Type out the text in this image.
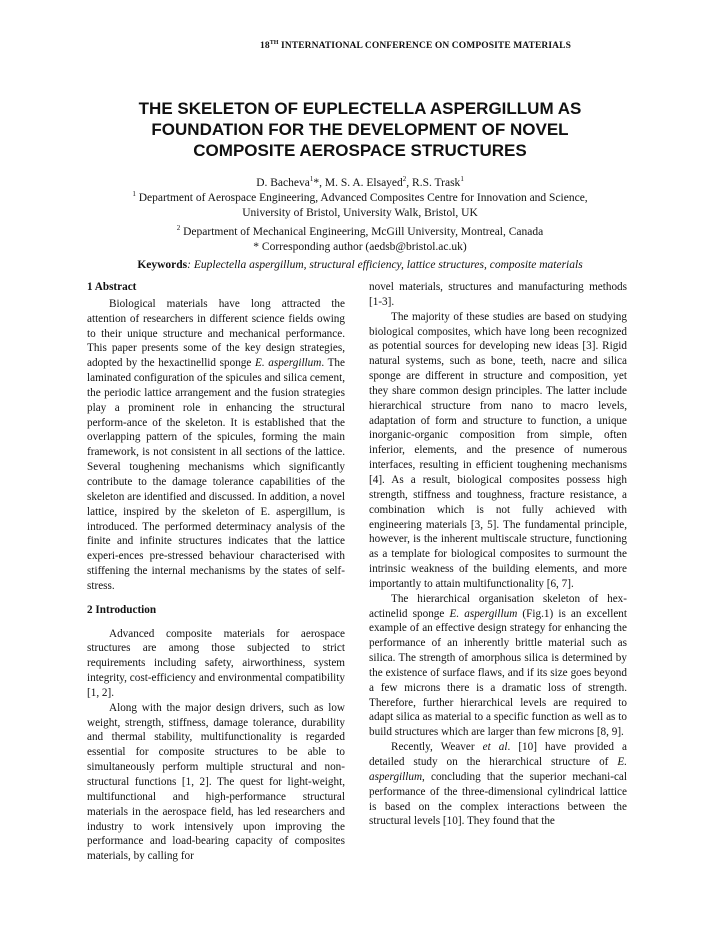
18TH INTERNATIONAL CONFERENCE ON COMPOSITE MATERIALS
THE SKELETON OF EUPLECTELLA ASPERGILLUM AS
FOUNDATION FOR THE DEVELOPMENT OF NOVEL
COMPOSITE AEROSPACE STRUCTURES
D. Bacheva$^1$*, M. S. A. Elsayed$^2$, R.S. Trask$^1$
$^1$ Department of Aerospace Engineering, Advanced Composites Centre for Innovation and Science,
University of Bristol, University Walk, Bristol, UK
$^2$ Department of Mechanical Engineering, McGill University, Montreal, Canada
* Corresponding author (aedsb@bristol.ac.uk)
Keywords: Euplectella aspergillum, structural efficiency, lattice structures, composite materials
1 Abstract

Biological materials have long attracted the attention of researchers in different science fields owing to their unique structure and mechanical performance. This paper presents some of the key design strategies, adopted by the hexactinellid sponge E. aspergillum. The laminated configuration of the spicules and silica cement, the periodic lattice arrangement and the fusion strategies play a prominent role in enhancing the structural perform-ance of the skeleton. It is established that the overlapping pattern of the spicules, forming the main framework, is not consistent in all sections of the lattice. Several toughening mechanisms which significantly contribute to the damage tolerance capabilities of the skeleton are identified and discussed. In addition, a novel lattice, inspired by the skeleton of E. aspergillum, is introduced. The performed determinacy analysis of the finite and infinite structures indicates that the lattice experi-ences pre-stressed behaviour characterised with stiffening the internal mechanisms by the states of self-stress.

2 Introduction

Advanced composite materials for aerospace structures are among those subjected to strict requirements including safety, airworthiness, system integrity, cost-efficiency and environmental compatibility [1, 2].

Along with the major design drivers, such as low weight, strength, stiffness, damage tolerance, durability and thermal stability, multifunctionality is regarded essential for composite structures to be able to simultaneously perform multiple structural and non-structural functions [1, 2]. The quest for light-weight, multifunctional and high-performance structural materials in the aerospace field, has led researchers and industry to work intensively upon improving the performance and load-bearing capacity of composites materials, by calling for

novel materials, structures and manufacturing methods [1-3].

The majority of these studies are based on studying biological composites, which have long been recognized as potential sources for developing new ideas [3]. Rigid natural systems, such as bone, teeth, nacre and silica sponge are different in structure and composition, yet they share common design principles. The latter include hierarchical structure from nano to macro levels, adaptation of form and structure to function, a unique inorganic-organic composition from simple, often inferior, elements, and the presence of numerous interfaces, resulting in efficient toughening mechanisms [4]. As a result, biological composites possess high strength, stiffness and toughness, fracture resistance, a combination which is not fully achieved with engineering materials [3, 5]. The fundamental principle, however, is the inherent multiscale structure, functioning as a template for biological composites to surmount the intrinsic weakness of the building elements, and more importantly to attain multifunctionality [6, 7].

The hierarchical organisation skeleton of hex-actinelid sponge E. aspergillum (Fig.1) is an excellent example of an effective design strategy for enhancing the performance of an inherently brittle material such as silica. The strength of amorphous silica is determined by the existence of surface flaws, and if its size goes beyond a few microns there is a dramatic loss of strength. Therefore, further hierarchical levels are required to adapt silica as material to a specific function as well as to build structures which are larger than few microns [8, 9].

Recently, Weaver et al. [10] have provided a detailed study on the hierarchical structure of E. aspergillum, concluding that the superior mechani-cal performance of the three-dimensional cylindrical lattice is based on the complex interactions between the structural levels [10]. They found that the
